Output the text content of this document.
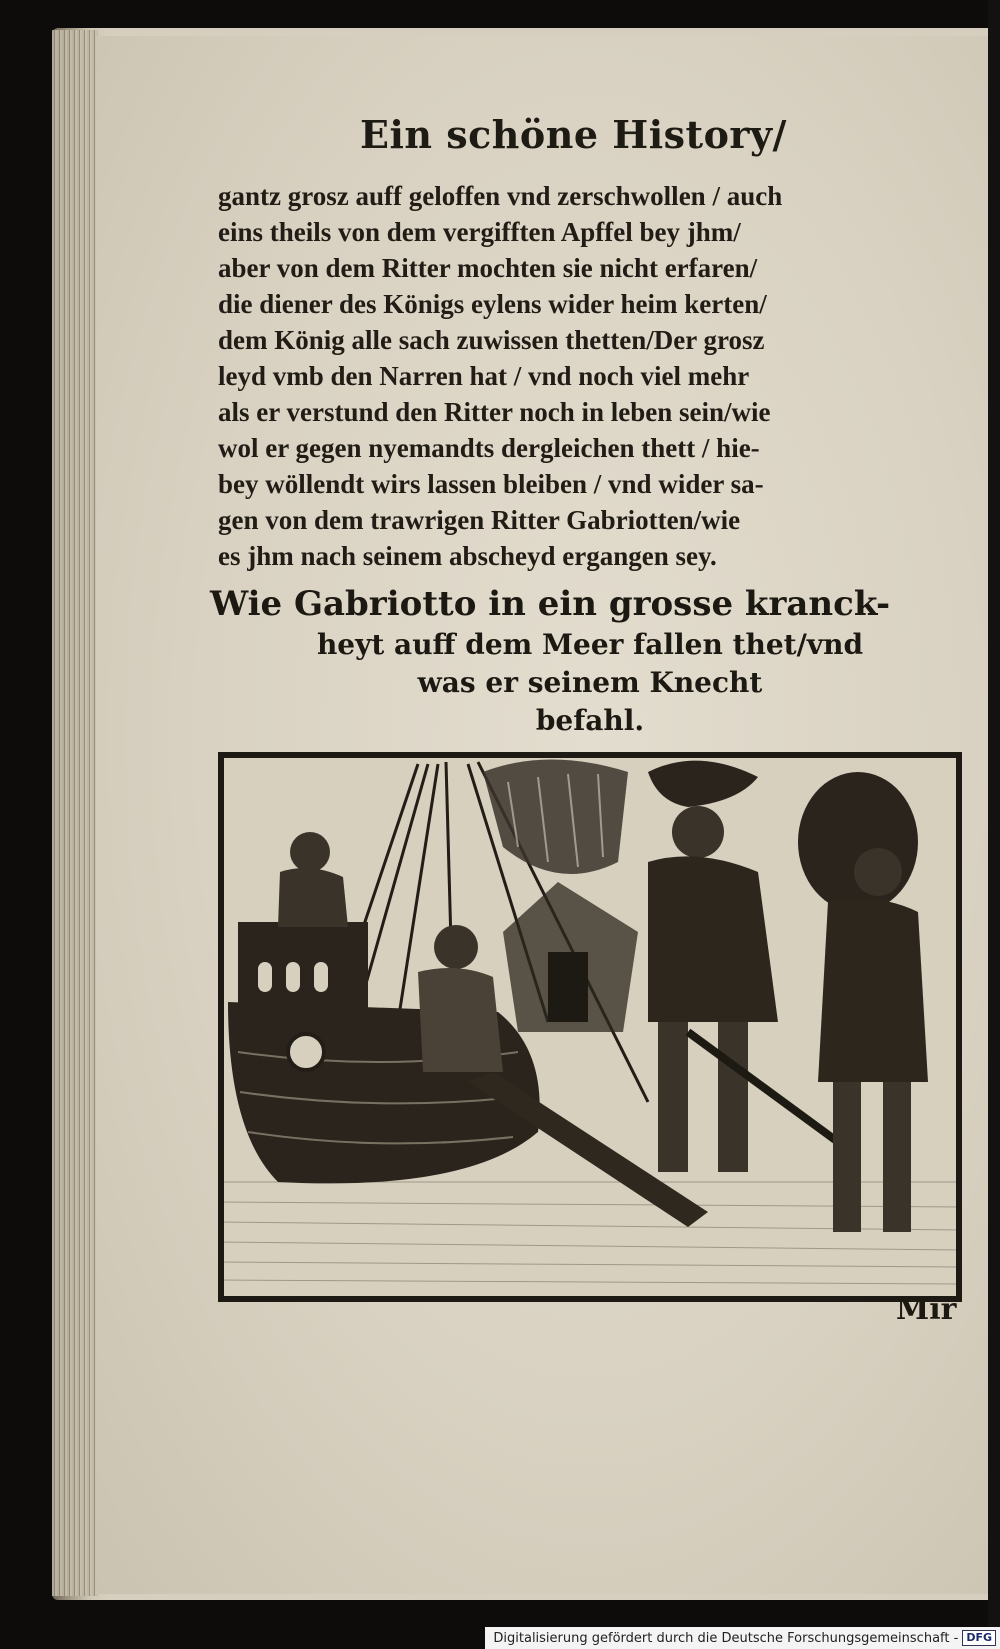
Ein schöne History/
gantz grosz auff geloffen vnd zerschwollen / auch
eins theils von dem vergifften Apffel bey jhm/
aber von dem Ritter mochten sie nicht erfaren/
die diener des Königs eylens wider heim kerten/
dem König alle sach zuwissen thetten/Der grosz
leyd vmb den Narren hat / vnd noch viel mehr
als er verstund den Ritter noch in leben sein/wie
wol er gegen nyemandts dergleichen thett / hie-
bey wöllendt wirs lassen bleiben / vnd wider sa-
gen von dem trawrigen Ritter Gabriotten/wie
es jhm nach seinem abscheyd ergangen sey.
Wie Gabriotto in ein grosse kranck-
heyt auff dem Meer fallen thet/vnd
was er seinem Knecht
befahl.
Mir
Digitalisierung gefördert durch die Deutsche Forschungsgemeinschaft - DFG
